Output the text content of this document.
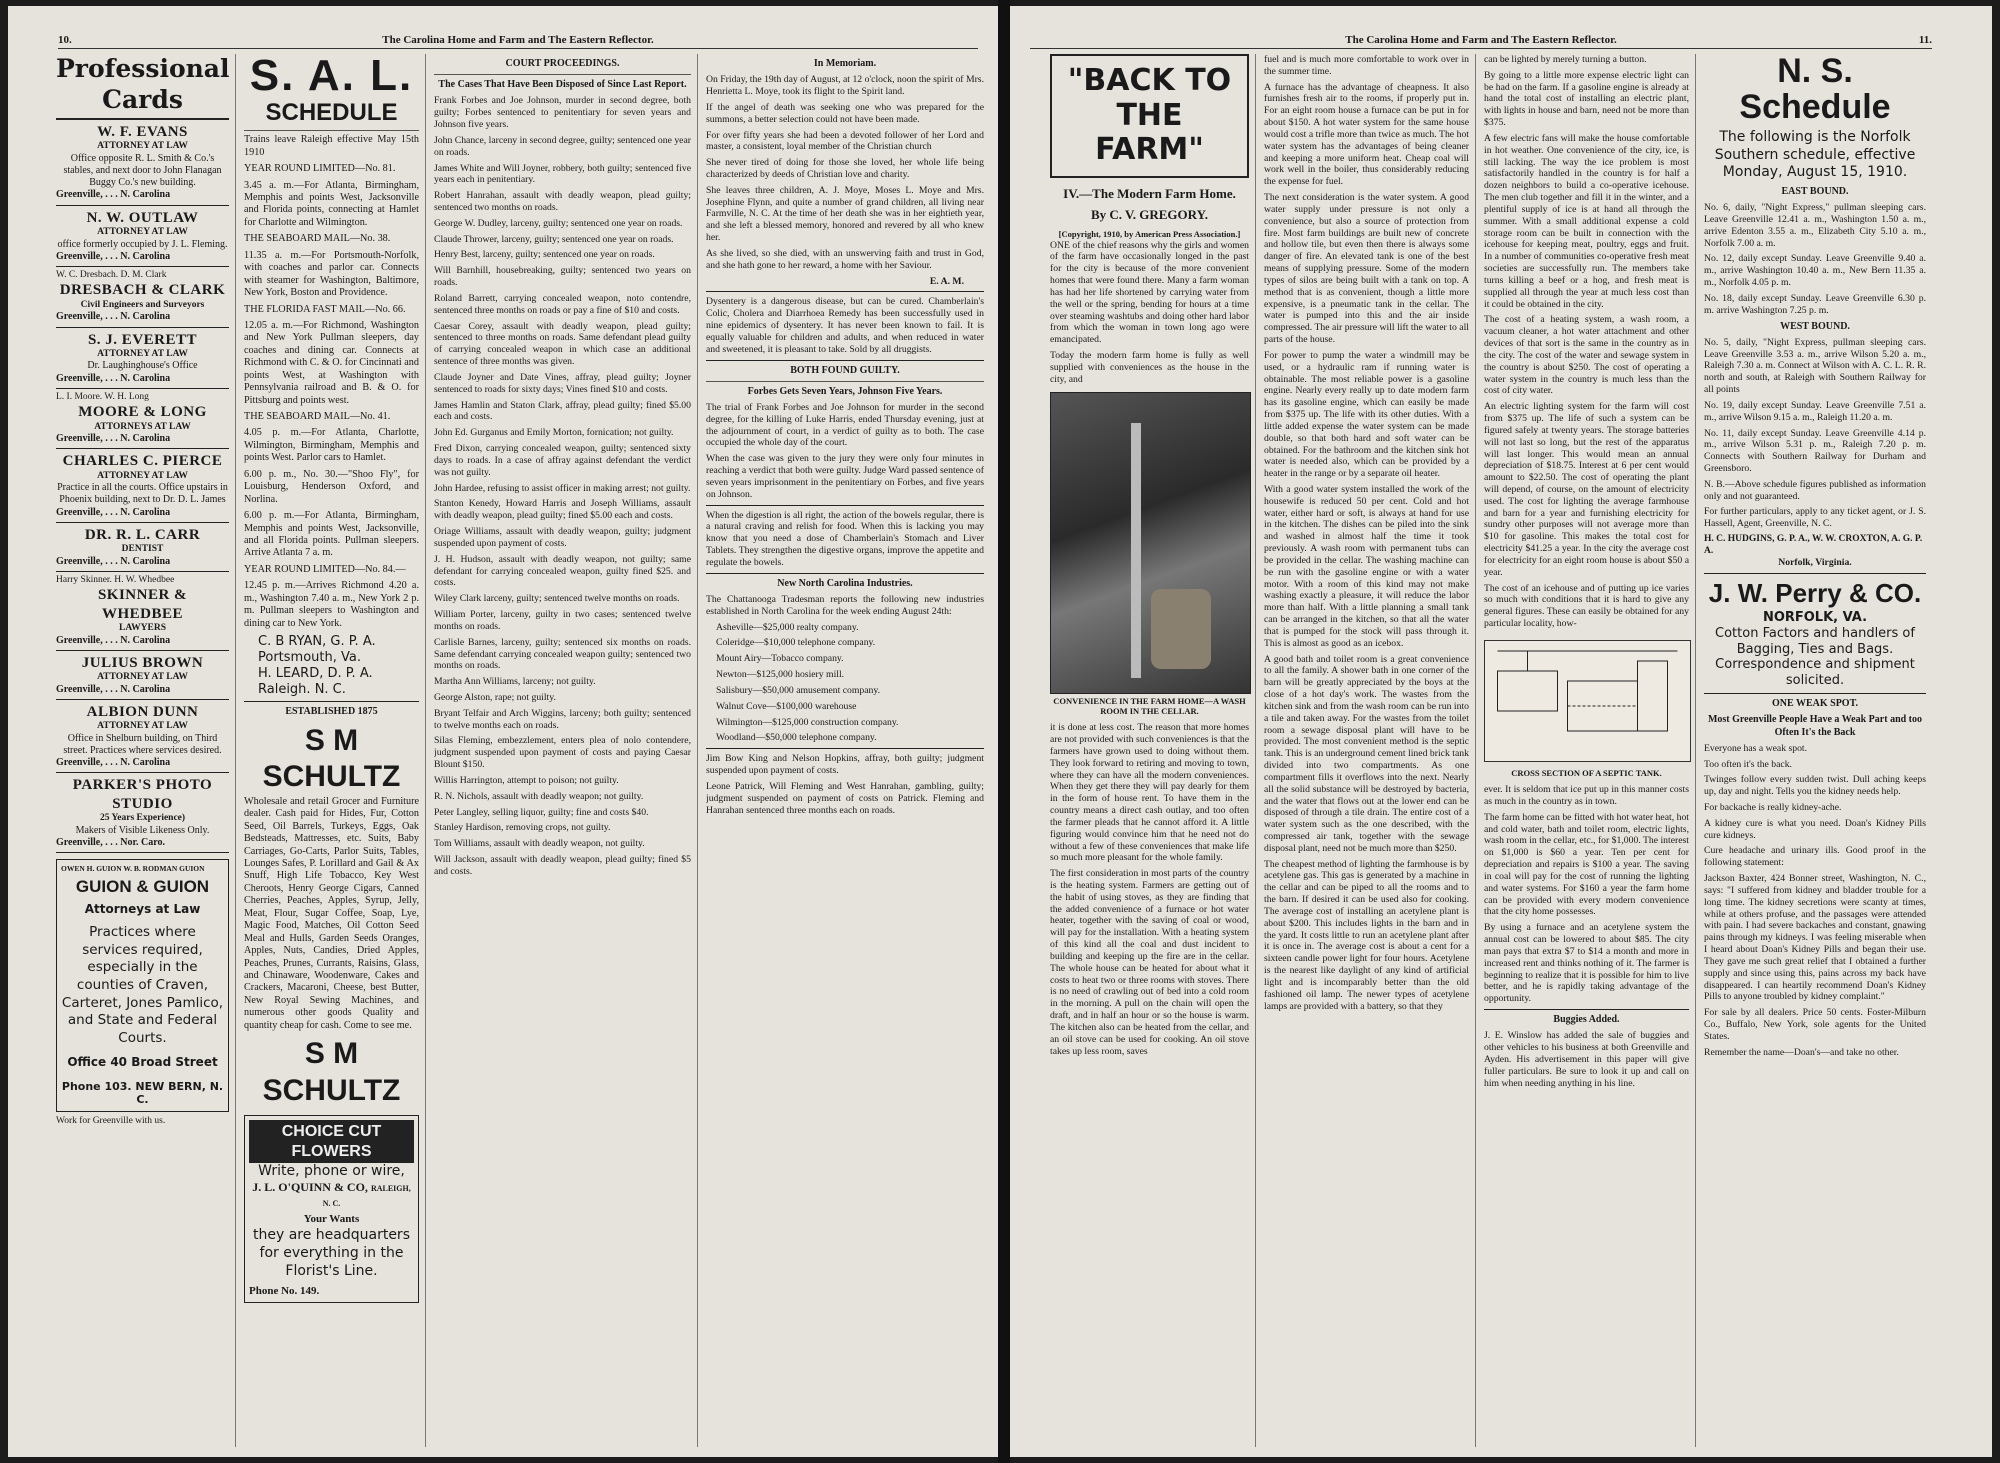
10.	The Carolina Home and Farm and The Eastern Reflector.
Professional Cards
W. F. EVANS
ATTORNEY AT LAW
Office opposite R. L. Smith & Co.'s stables, and next door to John Flanagan Buggy Co.'s new building.
Greenville, . . . N. Carolina
N. W. OUTLAW
ATTORNEY AT LAW
office formerly occupied by J. L. Fleming.
Greenville, . . . N. Carolina
W. C. Dresbach. D. M. Clark
DRESBACH & CLARK
Civil Engineers and Surveyors
Greenville, . . . N. Carolina
S. J. EVERETT
ATTORNEY AT LAW
Dr. Laughinghouse's Office
Greenville, . . . N. Carolina
L. I. Moore. W. H. Long
MOORE & LONG
ATTORNEYS AT LAW
Greenville, . . . N. Carolina
CHARLES C. PIERCE
ATTORNEY AT LAW
Practice in all the courts. Office upstairs in Phoenix building, next to Dr. D. L. James
Greenville, . . . N. Carolina
DR. R. L. CARR
DENTIST
Greenville, . . . N. Carolina
Harry Skinner. H. W. Whedbee
SKINNER & WHEDBEE
LAWYERS
Greenville, . . . N. Carolina
JULIUS BROWN
ATTORNEY AT LAW
Greenville, . . . N. Carolina
ALBION DUNN
ATTORNEY AT LAW
Office in Shelburn building, on Third street. Practices where services desired.
Greenville, . . . N. Carolina
PARKER'S PHOTO STUDIO
25 Years Experience)
Makers of Visible Likeness Only.
Greenville, . . . Nor. Caro.
OWEN H. GUION W. B. RODMAN GUION
GUION & GUION
Attorneys at Law
Practices where services required, especially in the counties of Craven, Carteret, Jones Pamlico, and State and Federal Courts.
Office 40 Broad Street
Phone 103. NEW BERN, N. C.
Work for Greenville with us.
S. A. L.
SCHEDULE

Trains leave Raleigh effective May 15th 1910

YEAR ROUND LIMITED—No. 81.

3.45 a. m.—For Atlanta, Birmingham, Memphis and points West, Jacksonville and Florida points, connecting at Hamlet for Charlotte and Wilmington.

THE SEABOARD MAIL—No. 38.

11.35 a. m.—For Portsmouth-Norfolk, with coaches and parlor car. Connects with steamer for Washington, Baltimore, New York, Boston and Providence.

THE FLORIDA FAST MAIL—No. 66.

12.05 a. m.—For Richmond, Washington and New York Pullman sleepers, day coaches and dining car. Connects at Richmond with C. & O. for Cincinnati and points West, at Washington with Pennsylvania railroad and B. & O. for Pittsburg and points west.

THE SEABOARD MAIL—No. 41.

4.05 p. m.—For Atlanta, Charlotte, Wilmington, Birmingham, Memphis and points West. Parlor cars to Hamlet.

6.00 p. m., No. 30.—"Shoo Fly", for Louisburg, Henderson Oxford, and Norlina.

6.00 p. m.—For Atlanta, Birmingham, Memphis and points West, Jacksonville, and all Florida points. Pullman sleepers. Arrive Atlanta 7 a. m.

YEAR ROUND LIMITED—No. 84.—

12.45 p. m.—Arrives Richmond 4.20 a. m., Washington 7.40 a. m., New York 2 p. m. Pullman sleepers to Washington and dining car to New York.

C. B RYAN, G. P. A.
Portsmouth, Va.
H. LEARD, D. P. A.
Raleigh. N. C.
ESTABLISHED 1875
S M SCHULTZ

Wholesale and retail Grocer and Furniture dealer. Cash paid for Hides, Fur, Cotton Seed, Oil Barrels, Turkeys, Eggs, Oak Bedsteads, Mattresses, etc. Suits, Baby Carriages, Go-Carts, Parlor Suits, Tables, Lounges Safes, P. Lorillard and Gail & Ax Snuff, High Life Tobacco, Key West Cheroots, Henry George Cigars, Canned Cherries, Peaches, Apples, Syrup, Jelly, Meat, Flour, Sugar Coffee, Soap, Lye, Magic Food, Matches, Oil Cotton Seed Meal and Hulls, Garden Seeds Oranges, Apples, Nuts, Candies, Dried Apples, Peaches, Prunes, Currants, Raisins, Glass, and Chinaware, Woodenware, Cakes and Crackers, Macaroni, Cheese, best Butter, New Royal Sewing Machines, and numerous other goods Quality and quantity cheap for cash. Come to see me.

S M SCHULTZ
CHOICE CUT FLOWERS
Write, phone or wire,
J. L. O'QUINN & CO, RALEIGH, N. C.
Your Wants
they are headquarters for everything in the Florist's Line.
Phone No. 149.
COURT PROCEEDINGS.
The Cases That Have Been Disposed of Since Last Report.

Frank Forbes and Joe Johnson, murder in second degree, both guilty; Forbes sentenced to penitentiary for seven years and Johnson five years.

John Chance, larceny in second degree, guilty; sentenced one year on roads.

James White and Will Joyner, robbery, both guilty; sentenced five years each in penitentiary.

Robert Hanrahan, assault with deadly weapon, plead guilty; sentenced two months on roads.

George W. Dudley, larceny, guilty; sentenced one year on roads.

Claude Thrower, larceny, guilty; sentenced one year on roads.

Henry Best, larceny, guilty; sentenced one year on roads.

Will Barnhill, housebreaking, guilty; sentenced two years on roads.

Roland Barrett, carrying concealed weapon, noto contendre, sentenced three months on roads or pay a fine of $10 and costs.

Caesar Corey, assault with deadly weapon, plead guilty; sentenced to three months on roads. Same defendant plead guilty of carrying concealed weapon in which case an additional sentence of three months was given.

Claude Joyner and Date Vines, affray, plead guilty; Joyner sentenced to roads for sixty days; Vines fined $10 and costs.

James Hamlin and Staton Clark, affray, plead guilty; fined $5.00 each and costs.

John Ed. Gurganus and Emily Morton, fornication; not guilty.

Fred Dixon, carrying concealed weapon, guilty; sentenced sixty days to roads. In a case of affray against defendant the verdict was not guilty.

John Hardee, refusing to assist officer in making arrest; not guilty.

Stanton Kenedy, Howard Harris and Joseph Williams, assault with deadly weapon, plead guilty; fined $5.00 each and costs.

Oriage Williams, assault with deadly weapon, guilty; judgment suspended upon payment of costs.

J. H. Hudson, assault with deadly weapon, not guilty; same defendant for carrying concealed weapon, guilty fined $25. and costs.

Wiley Clark larceny, guilty; sentenced twelve months on roads.

William Porter, larceny, guilty in two cases; sentenced twelve months on roads.

Carlisle Barnes, larceny, guilty; sentenced six months on roads. Same defendant carrying concealed weapon guilty; sentenced two months on roads.

Martha Ann Williams, larceny; not guilty.

George Alston, rape; not guilty.

Bryant Telfair and Arch Wiggins, larceny; both guilty; sentenced to twelve months each on roads.

Silas Fleming, embezzlement, enters plea of nolo contendere, judgment suspended upon payment of costs and paying Caesar Blount $150.

Willis Harrington, attempt to poison; not guilty.

R. N. Nichols, assault with deadly weapon; not guilty.

Peter Langley, selling liquor, guilty; fine and costs $40.

Stanley Hardison, removing crops, not guilty.

Tom Williams, assault with deadly weapon, not guilty.

Will Jackson, assault with deadly weapon, plead guilty; fined $5 and costs.

In Memoriam.

On Friday, the 19th day of August, at 12 o'clock, noon the spirit of Mrs. Henrietta L. Moye, took its flight to the Spirit land.

If the angel of death was seeking one who was prepared for the summons, a better selection could not have been made.

For over fifty years she had been a devoted follower of her Lord and master, a consistent, loyal member of the Christian church

She never tired of doing for those she loved, her whole life being characterized by deeds of Christian love and charity.

She leaves three children, A. J. Moye, Moses L. Moye and Mrs. Josephine Flynn, and quite a number of grand children, all living near Farmville, N. C. At the time of her death she was in her eightieth year, and she left a blessed memory, honored and revered by all who knew her.

As she lived, so she died, with an unswerving faith and trust in God, and she hath gone to her reward, a home with her Saviour.

E. A. M.

Dysentery is a dangerous disease, but can be cured. Chamberlain's Colic, Cholera and Diarrhoea Remedy has been successfully used in nine epidemics of dysentery. It has never been known to fail. It is equally valuable for children and adults, and when reduced in water and sweetened, it is pleasant to take. Sold by all druggists.

BOTH FOUND GUILTY.
Forbes Gets Seven Years, Johnson Five Years.

The trial of Frank Forbes and Joe Johnson for murder in the second degree, for the killing of Luke Harris, ended Thursday evening, just at the adjournment of court, in a verdict of guilty as to both. The case occupied the whole day of the court.

When the case was given to the jury they were only four minutes in reaching a verdict that both were guilty. Judge Ward passed sentence of seven years imprisonment in the penitentiary on Forbes, and five years on Johnson.

When the digestion is all right, the action of the bowels regular, there is a natural craving and relish for food. When this is lacking you may know that you need a dose of Chamberlain's Stomach and Liver Tablets. They strengthen the digestive organs, improve the appetite and regulate the bowels.

New North Carolina Industries.

The Chattanooga Tradesman reports the following new industries established in North Carolina for the week ending August 24th:

Asheville—$25,000 realty company.

Coleridge—$10,000 telephone company.

Mount Airy—Tobacco company.

Newton—$125,000 hosiery mill.

Salisbury—$50,000 amusement company.

Walnut Cove—$100,000 warehouse

Wilmington—$125,000 construction company.

Woodland—$50,000 telephone company.

Jim Bow King and Nelson Hopkins, affray, both guilty; judgment suspended upon payment of costs.

Leone Patrick, Will Fleming and West Hanrahan, gambling, guilty; judgment suspended on payment of costs on Patrick. Fleming and Hanrahan sentenced three months each on roads.

The Carolina Home and Farm and The Eastern Reflector.	11.
"BACK TO THE FARM"
IV.—The Modern Farm Home.
By C. V. GREGORY.
[Copyright, 1910, by American Press Association.]

ONE of the chief reasons why the girls and women of the farm have occasionally longed in the past for the city is because of the more convenient homes that were found there. Many a farm woman has had her life shortened by carrying water from the well or the spring, bending for hours at a time over steaming washtubs and doing other hard labor from which the woman in town long ago were emancipated.

Today the modern farm home is fully as well supplied with conveniences as the house in the city, and

CONVENIENCE IN THE FARM HOME—A WASH ROOM IN THE CELLAR.

it is done at less cost. The reason that more homes are not provided with such conveniences is that the farmers have grown used to doing without them. They look forward to retiring and moving to town, where they can have all the modern conveniences. When they get there they will pay dearly for them in the form of house rent. To have them in the country means a direct cash outlay, and too often the farmer pleads that he cannot afford it. A little figuring would convince him that he need not do without a few of these conveniences that make life so much more pleasant for the whole family.

The first consideration in most parts of the country is the heating system. Farmers are getting out of the habit of using stoves, as they are finding that the added convenience of a furnace or hot water heater, together with the saving of coal or wood, will pay for the installation. With a heating system of this kind all the coal and dust incident to building and keeping up the fire are in the cellar. The whole house can be heated for about what it costs to heat two or three rooms with stoves. There is no need of crawling out of bed into a cold room in the morning. A pull on the chain will open the draft, and in half an hour or so the house is warm. The kitchen also can be heated from the cellar, and an oil stove can be used for cooking. An oil stove takes up less room, saves

fuel and is much more comfortable to work over in the summer time.

A furnace has the advantage of cheapness. It also furnishes fresh air to the rooms, if properly put in. For an eight room house a furnace can be put in for about $150. A hot water system for the same house would cost a trifle more than twice as much. The hot water system has the advantages of being cleaner and keeping a more uniform heat. Cheap coal will work well in the boiler, thus considerably reducing the expense for fuel.

The next consideration is the water system. A good water supply under pressure is not only a convenience, but also a source of protection from fire. Most farm buildings are built new of concrete and hollow tile, but even then there is always some danger of fire. An elevated tank is one of the best means of supplying pressure. Some of the modern types of silos are being built with a tank on top. A method that is as convenient, though a little more expensive, is a pneumatic tank in the cellar. The water is pumped into this and the air inside compressed. The air pressure will lift the water to all parts of the house.

For power to pump the water a windmill may be used, or a hydraulic ram if running water is obtainable. The most reliable power is a gasoline engine. Nearly every really up to date modern farm has its gasoline engine, which can easily be made from $375 up. The life with its other duties. With a little added expense the water system can be made double, so that both hard and soft water can be obtained. For the bathroom and the kitchen sink hot water is needed also, which can be provided by a heater in the range or by a separate oil heater.

With a good water system installed the work of the housewife is reduced 50 per cent. Cold and hot water, either hard or soft, is always at hand for use in the kitchen. The dishes can be piled into the sink and washed in almost half the time it took previously. A wash room with permanent tubs can be provided in the cellar. The washing machine can be run with the gasoline engine or with a water motor. With a room of this kind may not make washing exactly a pleasure, it will reduce the labor more than half. With a little planning a small tank can be arranged in the kitchen, so that all the water that is pumped for the stock will pass through it. This is almost as good as an icebox.

A good bath and toilet room is a great convenience to all the family. A shower bath in one corner of the barn will be greatly appreciated by the boys at the close of a hot day's work. The wastes from the kitchen sink and from the wash room can be run into a tile and taken away. For the wastes from the toilet room a sewage disposal plant will have to be provided. The most convenient method is the septic tank. This is an underground cement lined brick tank divided into two compartments. As one compartment fills it overflows into the next. Nearly all the solid substance will be destroyed by bacteria, and the water that flows out at the lower end can be disposed of through a tile drain. The entire cost of a water system such as the one described, with the compressed air tank, together with the sewage disposal plant, need not be much more than $250.

The cheapest method of lighting the farmhouse is by acetylene gas. This gas is generated by a machine in the cellar and can be piped to all the rooms and to the barn. If desired it can be used also for cooking. The average cost of installing an acetylene plant is about $200. This includes lights in the barn and in the yard. It costs little to run an acetylene plant after it is once in. The average cost is about a cent for a sixteen candle power light for four hours. Acetylene is the nearest like daylight of any kind of artificial light and is incomparably better than the old fashioned oil lamp. The newer types of acetylene lamps are provided with a battery, so that they

can be lighted by merely turning a button.

By going to a little more expense electric light can be had on the farm. If a gasoline engine is already at hand the total cost of installing an electric plant, with lights in house and barn, need not be more than $375.

A few electric fans will make the house comfortable in hot weather. One convenience of the city, ice, is still lacking. The way the ice problem is most satisfactorily handled in the country is for half a dozen neighbors to build a co-operative icehouse. The men club together and fill it in the winter, and a plentiful supply of ice is at hand all through the summer. With a small additional expense a cold storage room can be built in connection with the icehouse for keeping meat, poultry, eggs and fruit. In a number of communities co-operative fresh meat societies are successfully run. The members take turns killing a beef or a hog, and fresh meat is supplied all through the year at much less cost than it could be obtained in the city.

The cost of a heating system, a wash room, a vacuum cleaner, a hot water attachment and other devices of that sort is the same in the country as in the city. The cost of the water and sewage system in the country is about $250. The cost of operating a water system in the country is much less than the cost of city water.

An electric lighting system for the farm will cost from $375 up. The life of such a system can be figured safely at twenty years. The storage batteries will not last so long, but the rest of the apparatus will last longer. This would mean an annual depreciation of $18.75. Interest at 6 per cent would amount to $22.50. The cost of operating the plant will depend, of course, on the amount of electricity used. The cost for lighting the average farmhouse and barn for a year and furnishing electricity for sundry other purposes will not average more than $10 for gasoline. This makes the total cost for electricity $41.25 a year. In the city the average cost for electricity for an eight room house is about $50 a year.

The cost of an icehouse and of putting up ice varies so much with conditions that it is hard to give any general figures. These can easily be obtained for any particular locality, how-

CROSS SECTION OF A SEPTIC TANK.

ever. It is seldom that ice put up in this manner costs as much in the country as in town.

The farm home can be fitted with hot water heat, hot and cold water, bath and toilet room, electric lights, wash room in the cellar, etc., for $1,000. The interest on $1,000 is $60 a year. Ten per cent for depreciation and repairs is $100 a year. The saving in coal will pay for the cost of running the lighting and water systems. For $160 a year the farm home can be provided with every modern convenience that the city home possesses.

By using a furnace and an acetylene system the annual cost can be lowered to about $85. The city man pays that extra $7 to $14 a month and more in increased rent and thinks nothing of it. The farmer is beginning to realize that it is possible for him to live better, and he is rapidly taking advantage of the opportunity.

Buggies Added.

J. E. Winslow has added the sale of buggies and other vehicles to his business at both Greenville and Ayden. His advertisement in this paper will give fuller particulars. Be sure to look it up and call on him when needing anything in his line.

N. S. Schedule
The following is the Norfolk Southern schedule, effective Monday, August 15, 1910.
EAST BOUND.

No. 6, daily, "Night Express," pullman sleeping cars. Leave Greenville 12.41 a. m., Washington 1.50 a. m., arrive Edenton 3.55 a. m., Elizabeth City 5.10 a. m., Norfolk 7.00 a. m.

No. 12, daily except Sunday. Leave Greenville 9.40 a. m., arrive Washington 10.40 a. m., New Bern 11.35 a. m., Norfolk 4.05 p. m.

No. 18, daily except Sunday. Leave Greenville 6.30 p. m. arrive Washington 7.25 p. m.

WEST BOUND.

No. 5, daily, "Night Express, pullman sleeping cars. Leave Greenville 3.53 a. m., arrive Wilson 5.20 a. m., Raleigh 7.30 a. m. Connect at Wilson with A. C. L. R. R. north and south, at Raleigh with Southern Railway for all points

No. 19, daily except Sunday. Leave Greenville 7.51 a. m., arrive Wilson 9.15 a. m., Raleigh 11.20 a. m.

No. 11, daily except Sunday. Leave Greenville 4.14 p. m., arrive Wilson 5.31 p. m., Raleigh 7.20 p. m. Connects with Southern Railway for Durham and Greensboro.

N. B.—Above schedule figures published as information only and not guaranteed.

For further particulars, apply to any ticket agent, or J. S. Hassell, Agent, Greenville, N. C.

H. C. HUDGINS, G. P. A., W. W. CROXTON, A. G. P. A.
Norfolk, Virginia.
J. W. Perry & CO.
NORFOLK, VA.
Cotton Factors and handlers of Bagging, Ties and Bags.
Correspondence and shipment solicited.
ONE WEAK SPOT.
Most Greenville People Have a Weak Part and too Often It's the Back

Everyone has a weak spot.

Too often it's the back.

Twinges follow every sudden twist. Dull aching keeps up, day and night. Tells you the kidney needs help.

For backache is really kidney-ache.

A kidney cure is what you need. Doan's Kidney Pills cure kidneys.

Cure headache and urinary ills. Good proof in the following statement:

Jackson Baxter, 424 Bonner street, Washington, N. C., says: "I suffered from kidney and bladder trouble for a long time. The kidney secretions were scanty at times, while at others profuse, and the passages were attended with pain. I had severe backaches and constant, gnawing pains through my kidneys. I was feeling miserable when I heard about Doan's Kidney Pills and began their use. They gave me such great relief that I obtained a further supply and since using this, pains across my back have disappeared. I can heartily recommend Doan's Kidney Pills to anyone troubled by kidney complaint."

For sale by all dealers. Price 50 cents. Foster-Milburn Co., Buffalo, New York, sole agents for the United States.

Remember the name—Doan's—and take no other.
